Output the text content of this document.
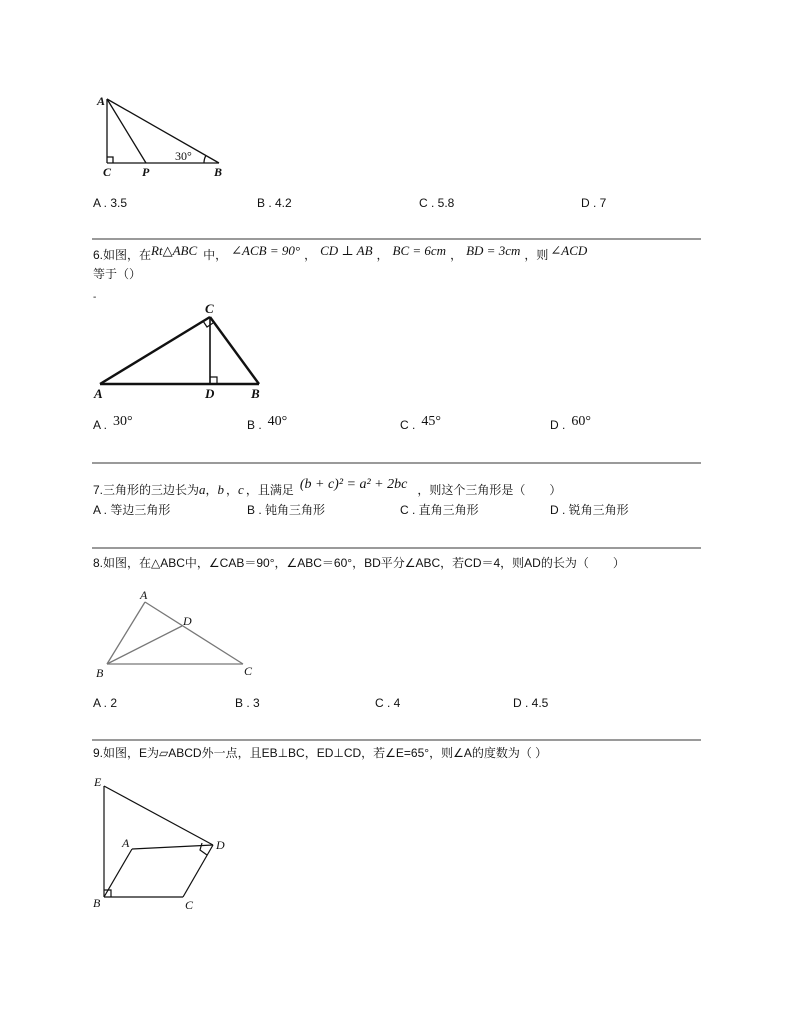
A
C	P	B
30°
A . 3.5	B . 4.2	C . 5.8	D . 7
6.如图，在Rt△ABC 中， ∠ACB = 90° ， CD ⊥ AB ， BC = 6cm ， BD = 3cm ，则 ∠ACD
等于（）
-
C
A	D	B
A . 30°	B . 40°	C . 45°	D . 60°
7.三角形的三边长为a，b ，c ，且满足 (b + c)² = a² + 2bc ，则这个三角形是（　　）
A . 等边三角形	B . 钝角三角形	C . 直角三角形	D . 锐角三角形
8.如图，在△ABC中，∠CAB＝90°，∠ABC＝60°，BD平分∠ABC，若CD＝4，则AD的长为（　　）
A
D
B	C
A . 2	B . 3	C . 4	D . 4.5
9.如图，E为▱ABCD外一点，且EB⊥BC，ED⊥CD，若∠E=65°，则∠A的度数为（ ）
E
A	D
B	C
